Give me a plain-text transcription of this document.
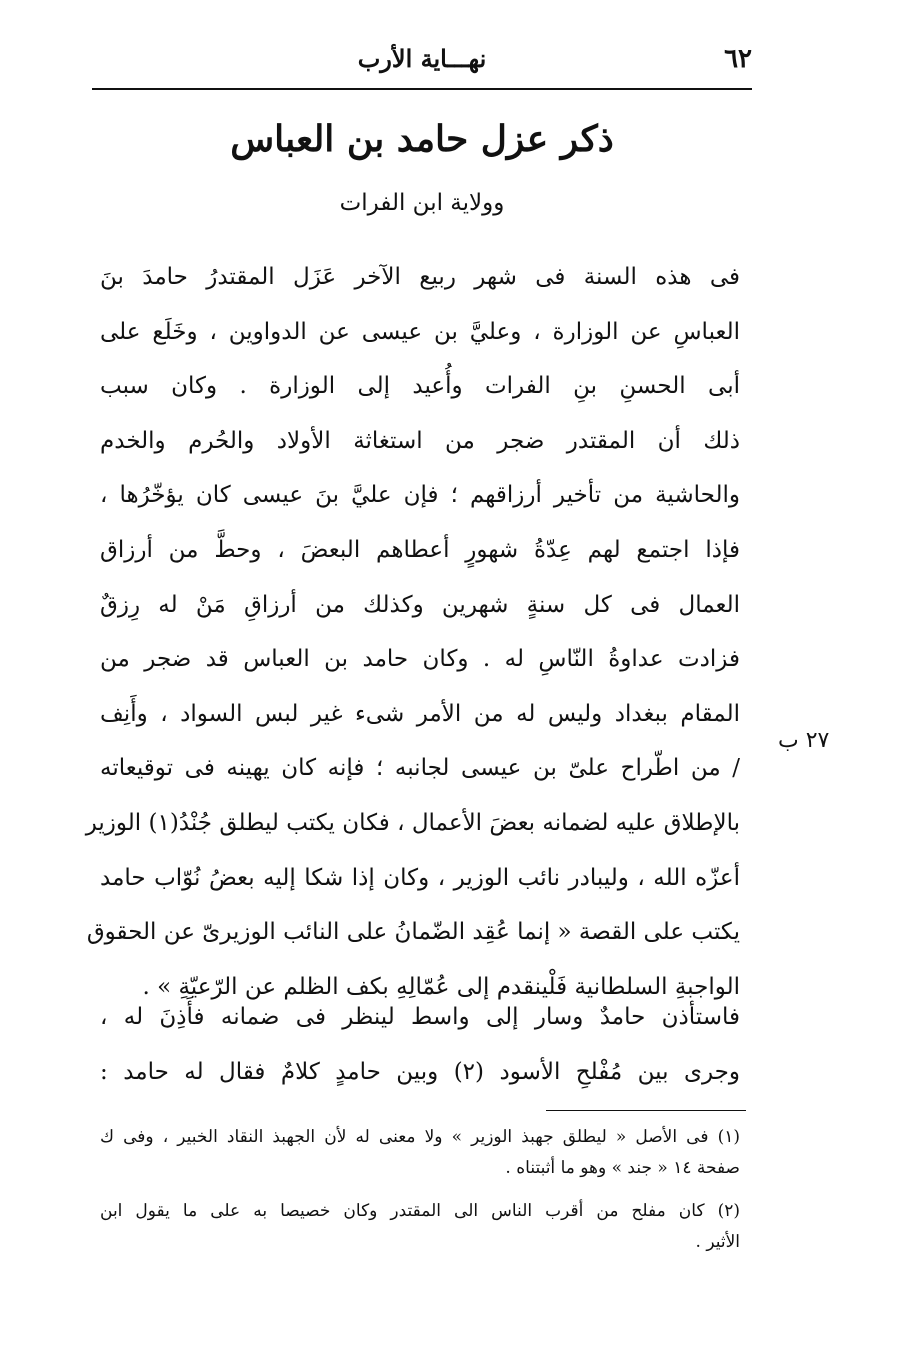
٦٢
نهـــاية الأرب
ذكر عزل حامد بن العباس
وولاية ابن الفرات
فى هذه السنة فى شهر ربيع الآخر عَزَل المقتدرُ حامدَ بنَ
العباسِ عن الوزارة ، وعليَّ بن عيسى عن الدواوين ، وخَلَع على
أبى الحسنِ بنِ الفرات وأُعيد إلى الوزارة . وكان سبب
ذلك أن المقتدر ضجر من استغاثة الأولاد والحُرم والخدم
والحاشية من تأخير أرزاقهم ؛ فإن عليَّ بنَ عيسى كان يؤخّرُها ،
فإذا اجتمع لهم عِدّةُ شهورٍ أعطاهم البعضَ ، وحطَّ من أرزاق
العمال فى كل سنةٍ شهرين وكذلك من أرزاقِ مَنْ له رِزقٌ
فزادت عداوةُ النّاسِ له . وكان حامد بن العباس قد ضجر من
المقام ببغداد وليس له من الأمر شىء غير لبس السواد ، وأَنِف
/ من اطّراح علىّ بن عيسى لجانبه ؛ فإنه كان يهينه فى توقيعاته
بالإطلاق عليه لضمانه بعضَ الأعمال ، فكان يكتب ليطلق جُنْدُ(١) الوزير
أعزّه الله ، وليبادر نائب الوزير ، وكان إذا شكا إليه بعضُ نُوّاب حامد
يكتب على القصة « إنما عُقِد الضّمانُ على النائب الوزيرىّ عن الحقوق
الواجبةِ السلطانية فَلْينقدم إلى عُمّالِهِ بكف الظلم عن الرّعيّةِ » .
٢٧ ب
فاستأذن حامدٌ وسار إلى واسط لينظر فى ضمانه فأَذِنَ له ،
وجرى بين مُفْلحِ الأسود (٢) وبين حامدٍ كلامٌ فقال له حامد :
(١) فى الأصل « ليطلق جهبذ الوزير » ولا معنى له لأن الجهبذ النقاد الخبير ، وفى ك
صفحة ١٤ « جند » وهو ما أثبتناه .
(٢) كان مفلح من أقرب الناس الى المقتدر وكان خصيصا به على ما يقول ابن
الأثير .
